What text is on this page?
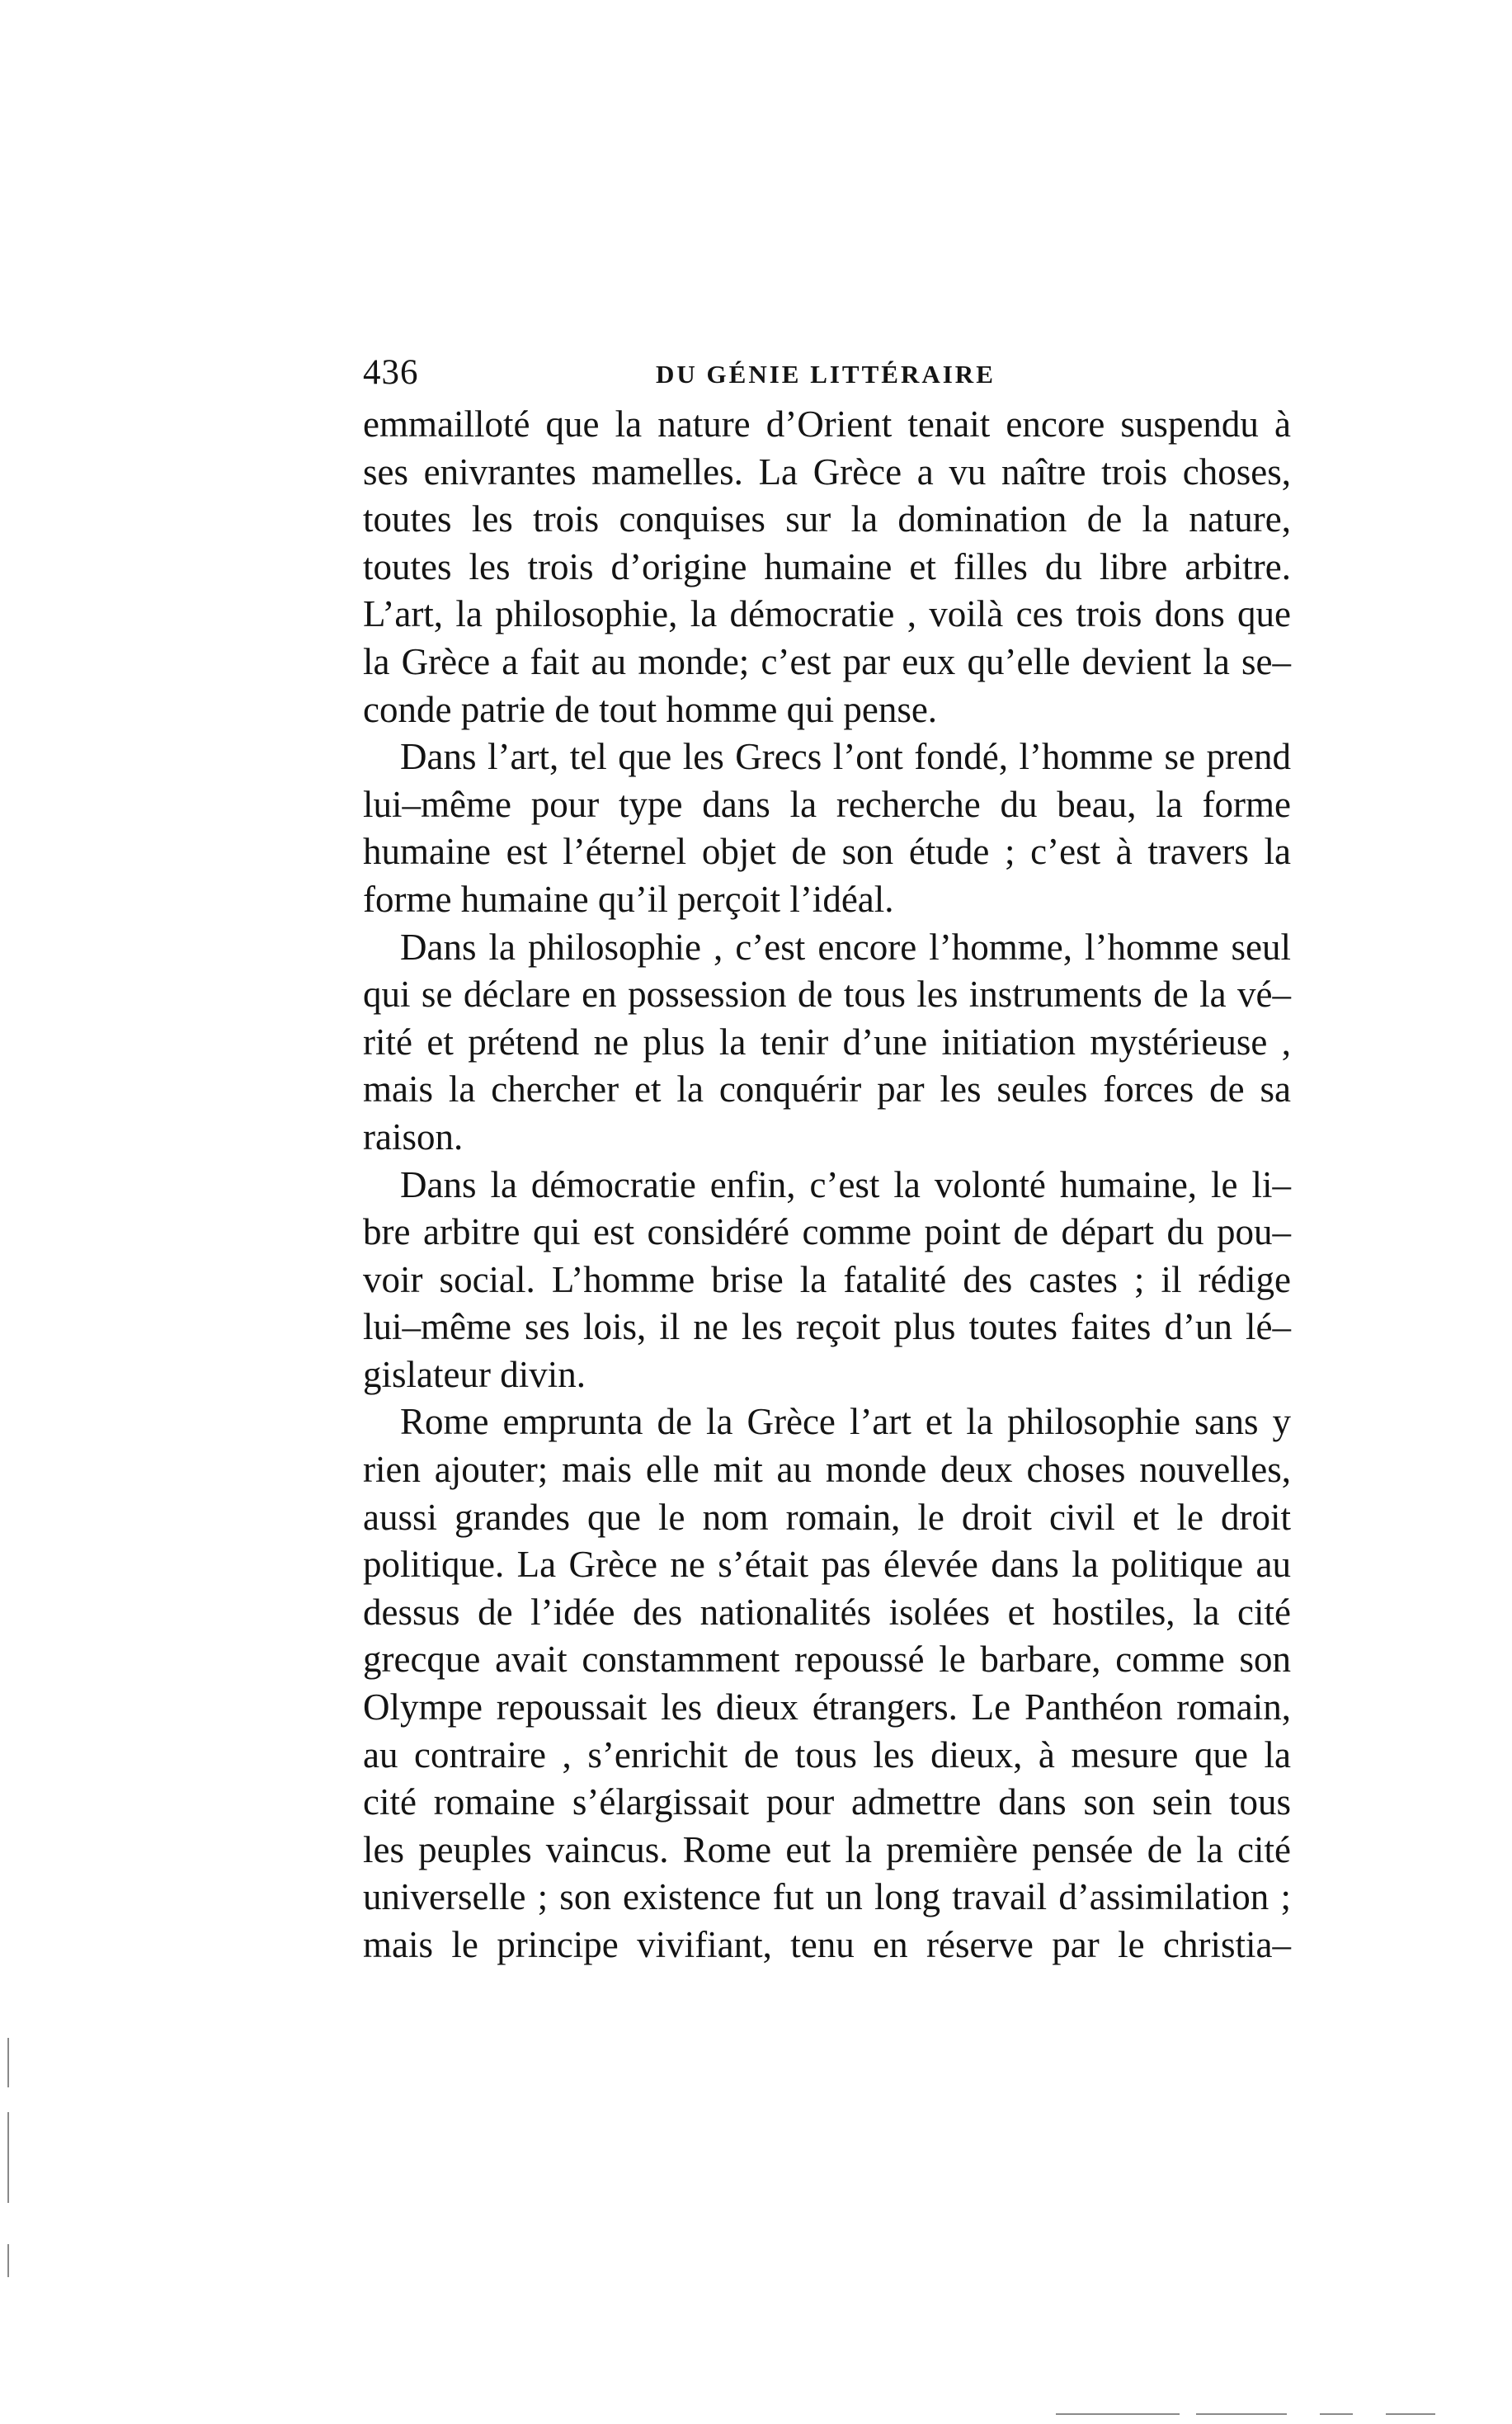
436	DU GÉNIE LITTÉRAIRE
emmailloté que la nature d’Orient tenait encore suspendu à
ses enivrantes mamelles. La Grèce a vu naître trois choses,
toutes les trois conquises sur la domination de la nature,
toutes les trois d’origine humaine et filles du libre arbitre.
L’art, la philosophie, la démocratie , voilà ces trois dons que
la Grèce a fait au monde; c’est par eux qu’elle devient la se–
conde patrie de tout homme qui pense.
Dans l’art, tel que les Grecs l’ont fondé, l’homme se prend
lui–même pour type dans la recherche du beau, la forme
humaine est l’éternel objet de son étude ; c’est à travers la
forme humaine qu’il perçoit l’idéal.
Dans la philosophie , c’est encore l’homme, l’homme seul
qui se déclare en possession de tous les instruments de la vé–
rité et prétend ne plus la tenir d’une initiation mystérieuse ,
mais la chercher et la conquérir par les seules forces de sa
raison.
Dans la démocratie enfin, c’est la volonté humaine, le li–
bre arbitre qui est considéré comme point de départ du pou–
voir social. L’homme brise la fatalité des castes ; il rédige
lui–même ses lois, il ne les reçoit plus toutes faites d’un lé–
gislateur divin.
Rome emprunta de la Grèce l’art et la philosophie sans y
rien ajouter; mais elle mit au monde deux choses nouvelles,
aussi grandes que le nom romain, le droit civil et le droit
politique. La Grèce ne s’était pas élevée dans la politique au
dessus de l’idée des nationalités isolées et hostiles, la cité
grecque avait constamment repoussé le barbare, comme son
Olympe repoussait les dieux étrangers. Le Panthéon romain,
au contraire , s’enrichit de tous les dieux, à mesure que la
cité romaine s’élargissait pour admettre dans son sein tous
les peuples vaincus. Rome eut la première pensée de la cité
universelle ; son existence fut un long travail d’assimilation ;
mais le principe vivifiant, tenu en réserve par le christia–
